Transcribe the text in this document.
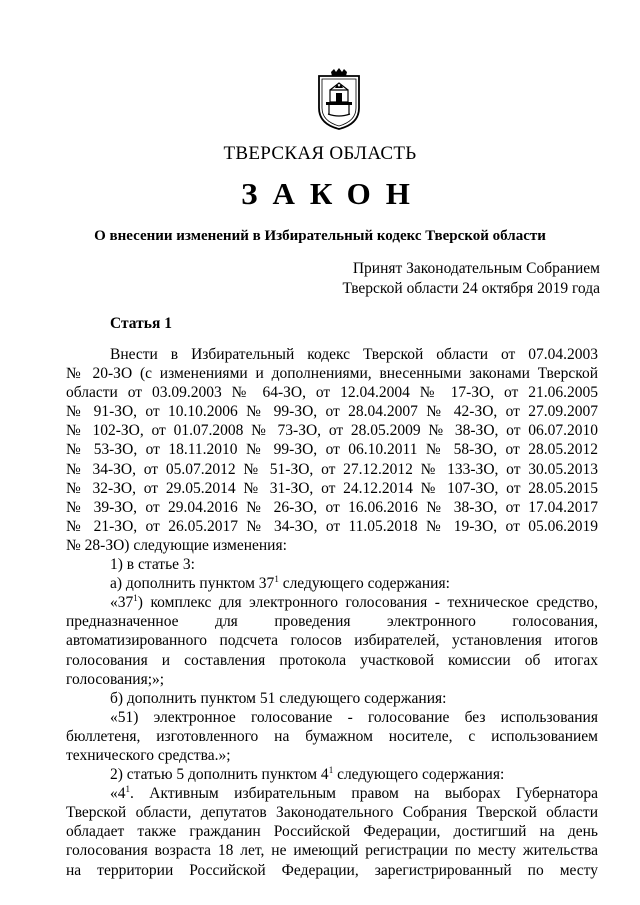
ТВЕРСКАЯ ОБЛАСТЬ
ЗАКОН
О внесении изменений в Избирательный кодекс Тверской области
Принят Законодательным Собранием
Тверской области 24 октября 2019 года
Статья 1
Внести в Избирательный кодекс Тверской области от 07.04.2003
№ 20-ЗО (с изменениями и дополнениями, внесенными законами Тверской
области от 03.09.2003 № 64-ЗО, от 12.04.2004 № 17-ЗО, от 21.06.2005
№ 91-ЗО, от 10.10.2006 № 99-ЗО, от 28.04.2007 № 42-ЗО, от 27.09.2007
№ 102-ЗО, от 01.07.2008 № 73-ЗО, от 28.05.2009 № 38-ЗО, от 06.07.2010
№ 53-ЗО, от 18.11.2010 № 99-ЗО, от 06.10.2011 № 58-ЗО, от 28.05.2012
№ 34-ЗО, от 05.07.2012 № 51-ЗО, от 27.12.2012 № 133-ЗО, от 30.05.2013
№ 32-ЗО, от 29.05.2014 № 31-ЗО, от 24.12.2014 № 107-ЗО, от 28.05.2015
№ 39-ЗО, от 29.04.2016 № 26-ЗО, от 16.06.2016 № 38-ЗО, от 17.04.2017
№ 21-ЗО, от 26.05.2017 № 34-ЗО, от 11.05.2018 № 19-ЗО, от 05.06.2019
№ 28-ЗО) следующие изменения:
1) в статье 3:
а) дополнить пунктом $37^1$ следующего содержания:
«$37^1$) комплекс для электронного голосования - техническое средство,
предназначенное для проведения электронного голосования,
автоматизированного подсчета голосов избирателей, установления итогов
голосования и составления протокола участковой комиссии об итогах
голосования;»;
б) дополнить пунктом 51 следующего содержания:
«51) электронное голосование - голосование без использования
бюллетеня, изготовленного на бумажном носителе, с использованием
технического средства.»;
2) статью 5 дополнить пунктом $4^1$ следующего содержания:
«$4^1$. Активным избирательным правом на выборах Губернатора
Тверской области, депутатов Законодательного Собрания Тверской области
обладает также гражданин Российской Федерации, достигший на день
голосования возраста 18 лет, не имеющий регистрации по месту жительства
на территории Российской Федерации, зарегистрированный по месту
